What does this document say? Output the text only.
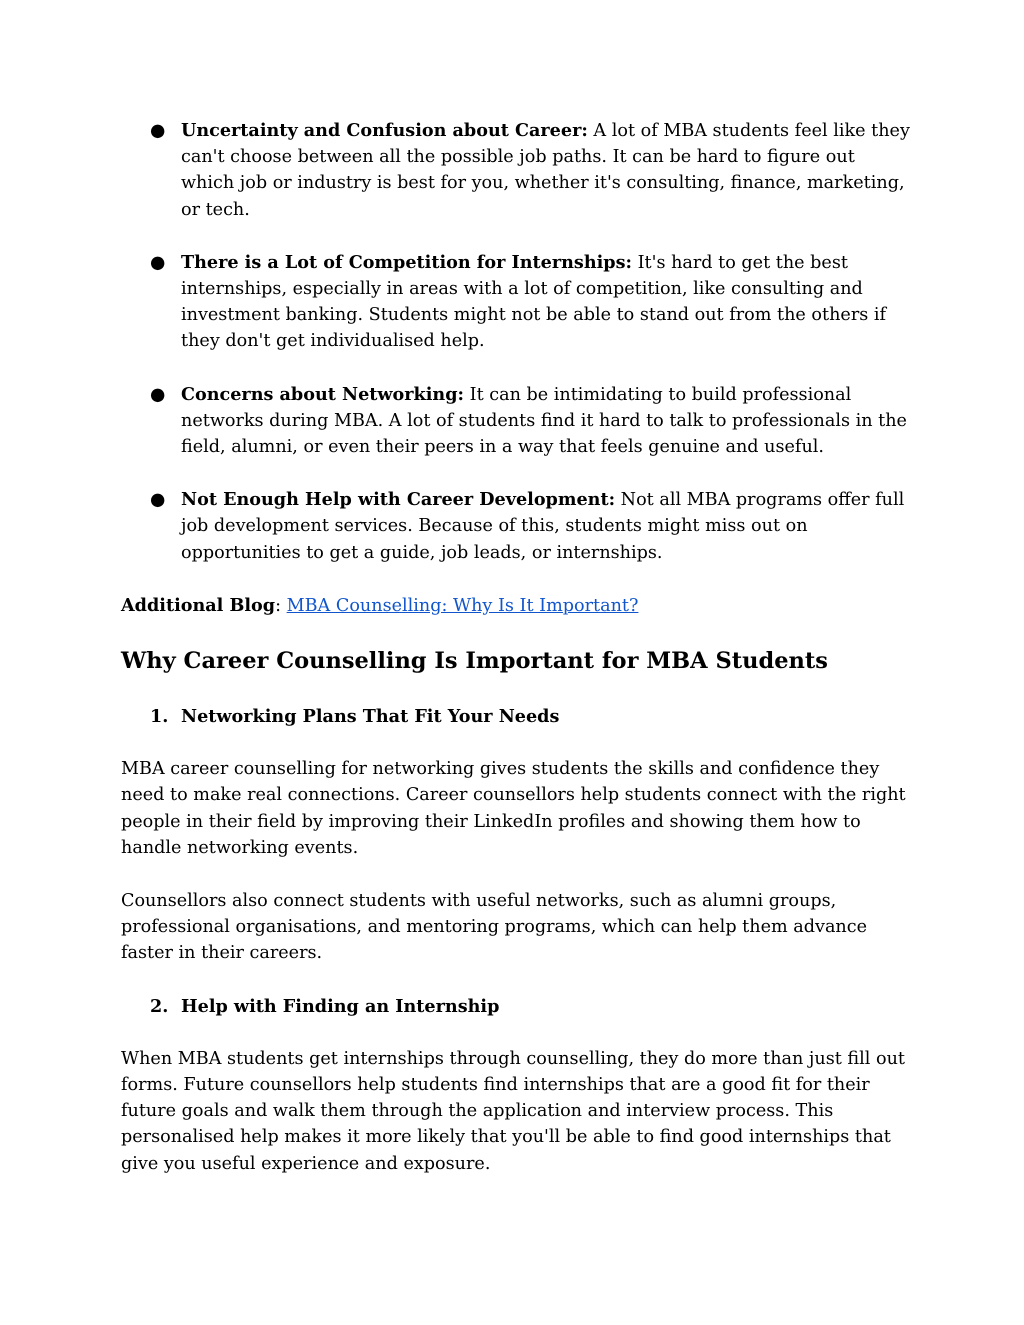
● Uncertainty and Confusion about Career: A lot of MBA students feel like they can't choose between all the possible job paths. It can be hard to figure out which job or industry is best for you, whether it's consulting, finance, marketing, or tech.
● There is a Lot of Competition for Internships: It's hard to get the best internships, especially in areas with a lot of competition, like consulting and investment banking. Students might not be able to stand out from the others if they don't get individualised help.
● Concerns about Networking: It can be intimidating to build professional networks during MBA. A lot of students find it hard to talk to professionals in the field, alumni, or even their peers in a way that feels genuine and useful.
● Not Enough Help with Career Development: Not all MBA programs offer full job development services. Because of this, students might miss out on opportunities to get a guide, job leads, or internships.

Additional Blog: MBA Counselling: Why Is It Important?

Why Career Counselling Is Important for MBA Students
1. Networking Plans That Fit Your Needs

MBA career counselling for networking gives students the skills and confidence they need to make real connections. Career counsellors help students connect with the right people in their field by improving their LinkedIn profiles and showing them how to handle networking events.

Counsellors also connect students with useful networks, such as alumni groups, professional organisations, and mentoring programs, which can help them advance faster in their careers.

2. Help with Finding an Internship

When MBA students get internships through counselling, they do more than just fill out forms. Future counsellors help students find internships that are a good fit for their future goals and walk them through the application and interview process. This personalised help makes it more likely that you'll be able to find good internships that give you useful experience and exposure.
